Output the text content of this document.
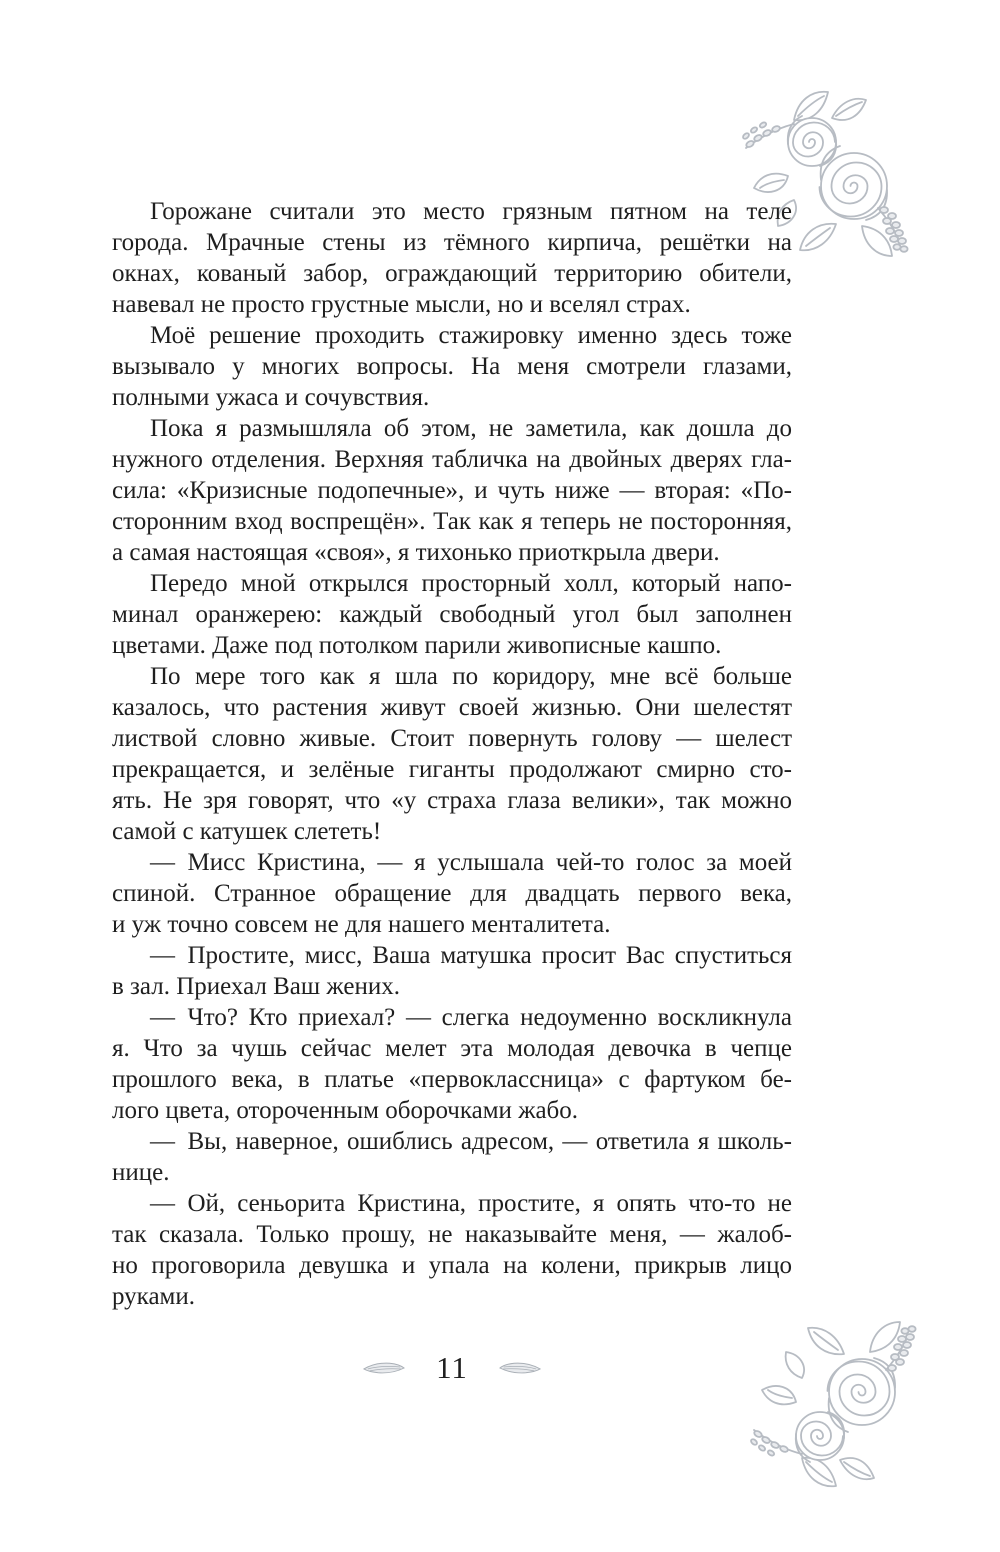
Горожане считали это место грязным пятном на теле
города. Мрачные стены из тёмного кирпича, решётки на
окнах, кованый забор, ограждающий территорию обители,
навевал не просто грустные мысли, но и вселял страх.
Моё решение проходить стажировку именно здесь тоже
вызывало у многих вопросы. На меня смотрели глазами,
полными ужаса и сочувствия.
Пока я размышляла об этом, не заметила, как дошла до
нужного отделения. Верхняя табличка на двойных дверях гла-
сила: «Кризисные подопечные», и чуть ниже — вторая: «По-
сторонним вход воспрещён». Так как я теперь не посторонняя,
а самая настоящая «своя», я тихонько приоткрыла двери.
Передо мной открылся просторный холл, который напо-
минал оранжерею: каждый свободный угол был заполнен
цветами. Даже под потолком парили живописные кашпо.
По мере того как я шла по коридору, мне всё больше
казалось, что растения живут своей жизнью. Они шелестят
листвой словно живые. Стоит повернуть голову — шелест
прекращается, и зелёные гиганты продолжают смирно сто-
ять. Не зря говорят, что «у страха глаза велики», так можно
самой с катушек слететь!
— Мисс Кристина, — я услышала чей-то голос за моей
спиной. Странное обращение для двадцать первого века,
и уж точно совсем не для нашего менталитета.
— Простите, мисс, Ваша матушка просит Вас спуститься
в зал. Приехал Ваш жених.
— Что? Кто приехал? — слегка недоуменно воскликнула
я. Что за чушь сейчас мелет эта молодая девочка в чепце
прошлого века, в платье «первоклассница» с фартуком бе-
лого цвета, отороченным оборочками жабо.
— Вы, наверное, ошиблись адресом, — ответила я школь-
нице.
— Ой, сеньорита Кристина, простите, я опять что-то не
так сказала. Только прошу, не наказывайте меня, — жалоб-
но проговорила девушка и упала на колени, прикрыв лицо
руками.
11
